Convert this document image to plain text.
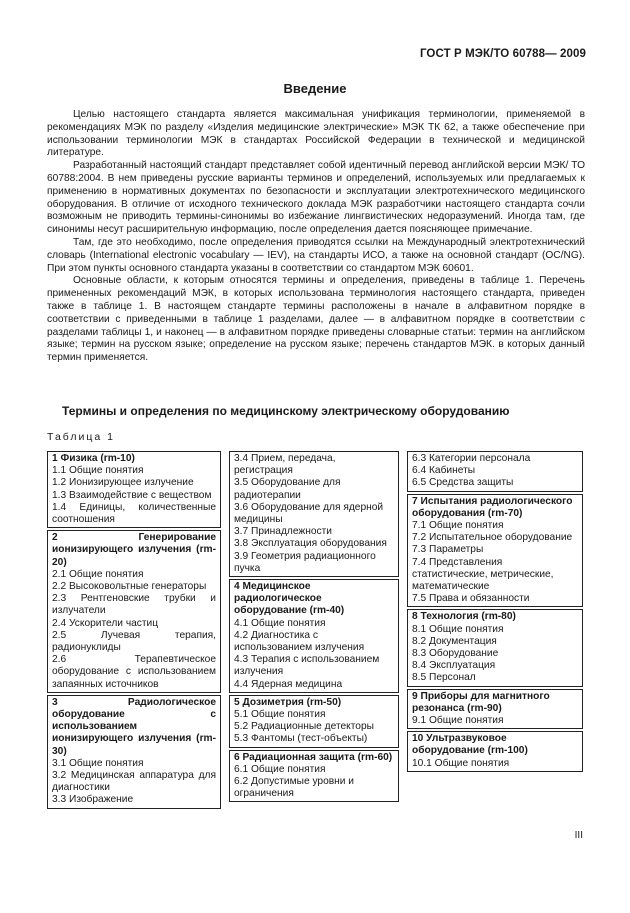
ГОСТ Р МЭК/ТО 60788— 2009
Введение

Целью настоящего стандарта является максимальная унификация терминологии, применяемой в рекомендациях МЭК по разделу «Изделия медицинские электрические» МЭК ТК 62, а также обеспечение при использовании терминологии МЭК в стандартах Российской Федерации в технической и медицинской литературе.

Разработанный настоящий стандарт представляет собой идентичный перевод английской версии МЭК/ ТО 60788:2004. В нем приведены русские варианты терминов и определений, используемых или предлагаемых к применению в нормативных документах по безопасности и эксплуатации электротехнического медицинского оборудования. В отличие от исходного технического доклада МЭК разработчики настоящего стандарта сочли возможным не приводить термины-синонимы во избежание лингвистических недоразумений. Иногда там, где синонимы несут расширительную информацию, после определения дается поясняющее примечание.

Там, где это необходимо, после определения приводятся ссылки на Международный электротехнический словарь (International electronic vocabulary — IEV), на стандарты ИСО, а также на основной стандарт (OC/NG). При этом пункты основного стандарта указаны в соответствии со стандартом МЭК 60601.

Основные области, к которым относятся термины и определения, приведены в таблице 1. Перечень примененных рекомендаций МЭК, в которых использована терминология настоящего стандарта, приведен также в таблице 1. В настоящем стандарте термины расположены в начале в алфавитном порядке в соответствии с приведенными в таблице 1 разделами, далее — в алфавитном порядке в соответствии с разделами таблицы 1, и наконец — в алфавитном порядке приведены словарные статьи: термин на английском языке; термин на русском языке; определение на русском языке; перечень стандартов МЭК. в которых данный термин применяется.

Термины и определения по медицинскому электрическому оборудованию
Таблица 1
1 Физика (rm-10)
1.1 Общие понятия
1.2 Ионизирующее излучение
1.3 Взаимодействие с веществом
1.4 Единицы, количественные соотношения
2 Генерирование ионизирующего излучения (rm-20)
2.1 Общие понятия
2.2 Высоковольтные генераторы
2.3 Рентгеновские трубки и излучатели
2.4 Ускорители частиц
2.5 Лучевая терапия, радионуклиды
2.6 Терапевтическое оборудование с использованием запаянных источников
3 Радиологическое оборудование с использованием ионизирующего излучения (rm-30)
3.1 Общие понятия
3.2 Медицинская аппаратура для диагностики
3.3 Изображение
3.4 Прием, передача, регистрация
3.5 Оборудование для радиотерапии
3.6 Оборудование для ядерной медицины
3.7 Принадлежности
3.8 Эксплуатация оборудования
3.9 Геометрия радиационного пучка
4 Медицинское радиологическое оборудование (rm-40)
4.1 Общие понятия
4.2 Диагностика с использованием излучения
4.3 Терапия с использованием излучения
4.4 Ядерная медицина
5 Дозиметрия (rm-50)
5.1 Общие понятия
5.2 Радиационные детекторы
5.3 Фантомы (тест-объекты)
6 Радиационная защита (rm-60)
6.1 Общие понятия
6.2 Допустимые уровни и ограничения
6.3 Категории персонала
6.4 Кабинеты
6.5 Средства защиты
7 Испытания радиологического оборудования (rm-70)
7.1 Общие понятия
7.2 Испытательное оборудование
7.3 Параметры
7.4 Представления статистические, метрические, математические
7.5 Права и обязанности
8 Технология (rm-80)
8.1 Общие понятия
8.2 Документация
8.3 Оборудование
8.4 Эксплуатация
8.5 Персонал
9 Приборы для магнитного резонанса (rm-90)
9.1 Общие понятия
10 Ультразвуковое оборудование (rm-100)
10.1 Общие понятия
III
